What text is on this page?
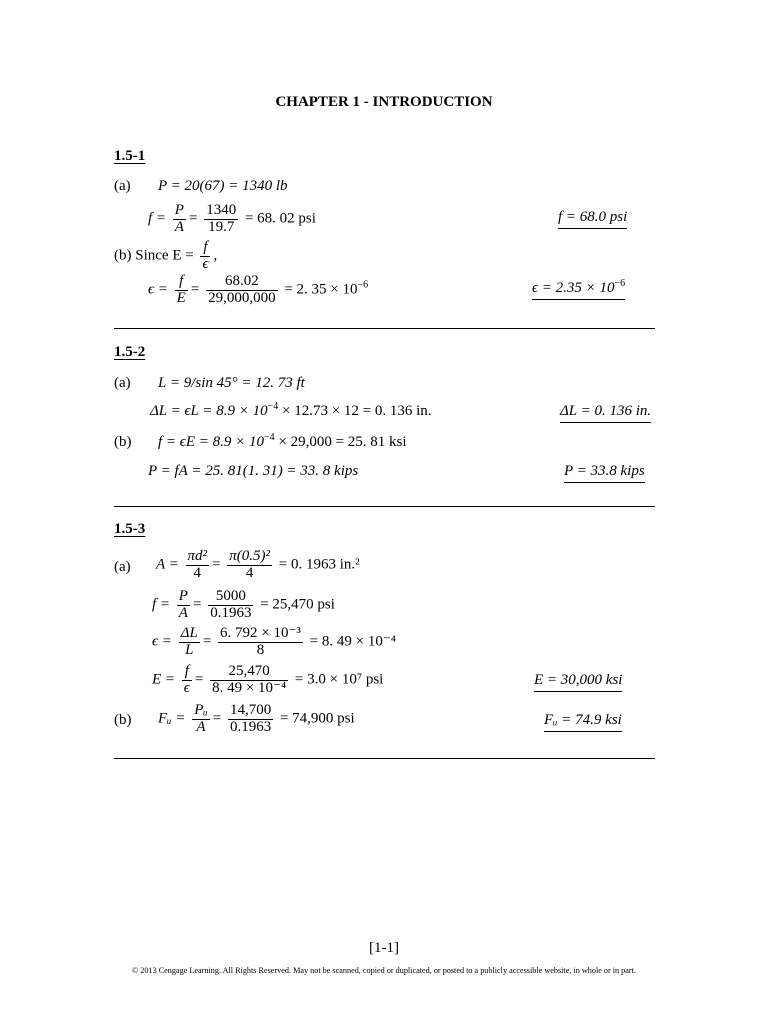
CHAPTER 1 - INTRODUCTION
1.5-1
(a) P = 20(67) = 1340 lb
$f = \frac{P}{A} = \frac{1340}{19.7} = 68$. 02 psi	f = 68.0 psi
(b) Since $E = \frac{f}{\epsilon}$ ,
$\epsilon = \frac{f}{E} = \frac{68.02}{29,000,000} = 2$. $35 \times 10^{-6}$	$\epsilon = 2.35 \times 10^{-6}$
1.5-2
(a) L = 9/sin 45° = 12. 73 ft
$\Delta L = \epsilon L = 8.9 \times 10^{-4} \times 12.73 \times 12 = 0$. 136 in.	ΔL = 0. 136 in.
(b) $f = \epsilon E = 8.9 \times 10^{-4} \times 29,000 = 25$. 81 ksi
P = fA = 25. 81(1. 31) = 33. 8 kips	P = 33.8 kips
1.5-3
(a) $A = \frac{\text{πd²}}{4} = \frac{\text{π(0.5)²}}{4} = 0$. 1963 in.²
$f = \frac{P}{A} = \frac{5000}{0.1963} = 25,470$ psi
$\epsilon = \frac{\Delta L}{L} = \frac{\text{6. 792 × 10⁻³}}{8} = 8$. 49 × 10⁻⁴
$E = \frac{f}{\epsilon} = \frac{25,470}{\text{8. 49 × 10⁻⁴}} = 3.0 \times 10^7$ psi	E = 30,000 ksi
(b) Fᵤ = $\frac{\text{Pᵤ}}{A} = \frac{14,700}{0.1963} = 74,900$ psi	Fᵤ = 74.9 ksi
[1-1]
© 2013 Cengage Learning. All Rights Reserved. May not be scanned, copied or duplicated, or posted to a publicly accessible website, in whole or in part.
